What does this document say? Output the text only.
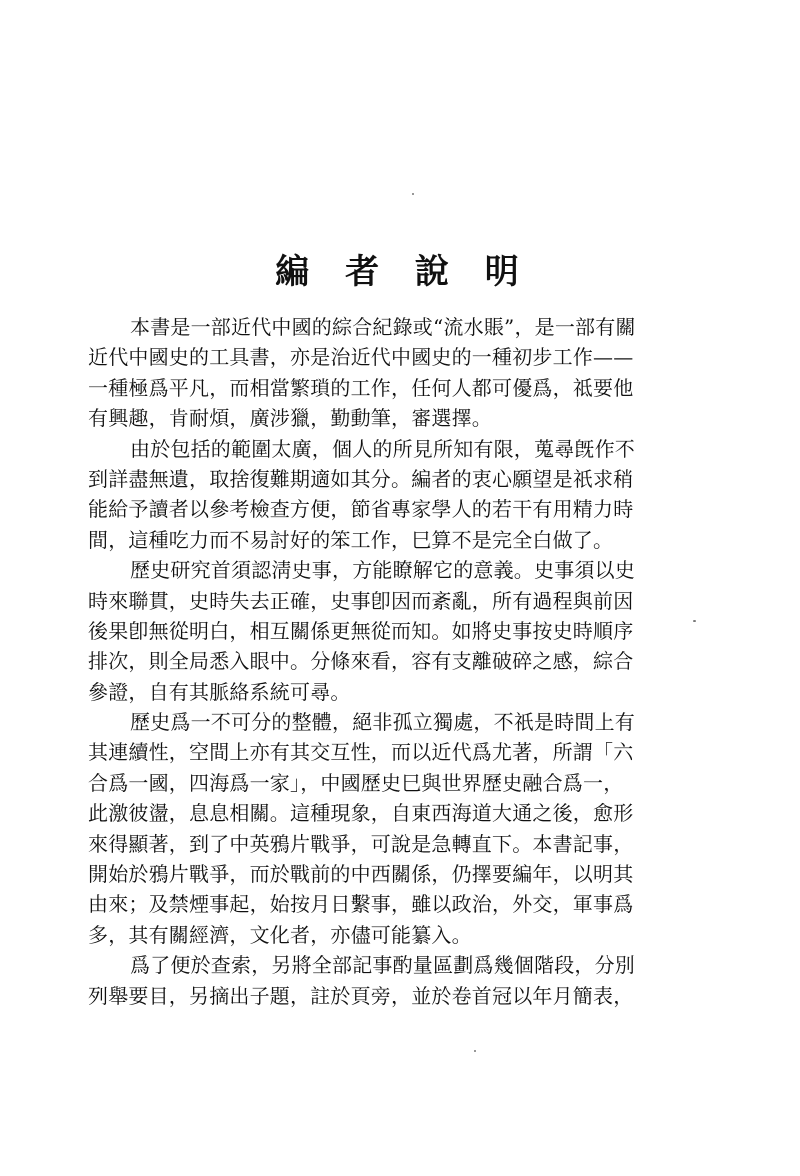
編 者 說 明
本書是一部近代中國的綜合紀錄或“流水賬”，是一部有關
近代中國史的工具書，亦是治近代中國史的一種初步工作——
一種極爲平凡，而相當繁瑣的工作，任何人都可優爲，祗要他
有興趣，肯耐煩，廣涉獵，勤動筆，審選擇。
由於包括的範圍太廣，個人的所見所知有限，蒐尋旣作不
到詳盡無遺，取捨復難期適如其分。編者的衷心願望是祇求稍
能給予讀者以參考檢查方便，節省專家學人的若干有用精力時
間，這種吃力而不易討好的笨工作，巳算不是完全白做了。
歷史研究首須認淸史事，方能瞭解它的意義。史事須以史
時來聯貫，史時失去正確，史事卽因而紊亂，所有過程與前因
後果卽無從明白，相互關係更無從而知。如將史事按史時順序
排次，則全局悉入眼中。分條來看，容有支離破碎之感，綜合
參證，自有其脈絡系統可尋。
歷史爲一不可分的整體，絕非孤立獨處，不祇是時間上有
其連續性，空間上亦有其交互性，而以近代爲尤著，所謂「六
合爲一國，四海爲一家」，中國歷史巳與世界歷史融合爲一，
此激彼盪，息息相關。這種現象，自東西海道大通之後，愈形
來得顯著，到了中英鴉片戰爭，可說是急轉直下。本書記事，
開始於鴉片戰爭，而於戰前的中西關係，仍擇要編年，以明其
由來；及禁煙事起，始按月日繫事，雖以政治，外交，軍事爲
多，其有關經濟，文化者，亦儘可能纂入。
爲了便於查索，另將全部記事酌量區劃爲幾個階段，分別
列舉要目，另摘出子題，註於頁旁，並於卷首冠以年月簡表，
